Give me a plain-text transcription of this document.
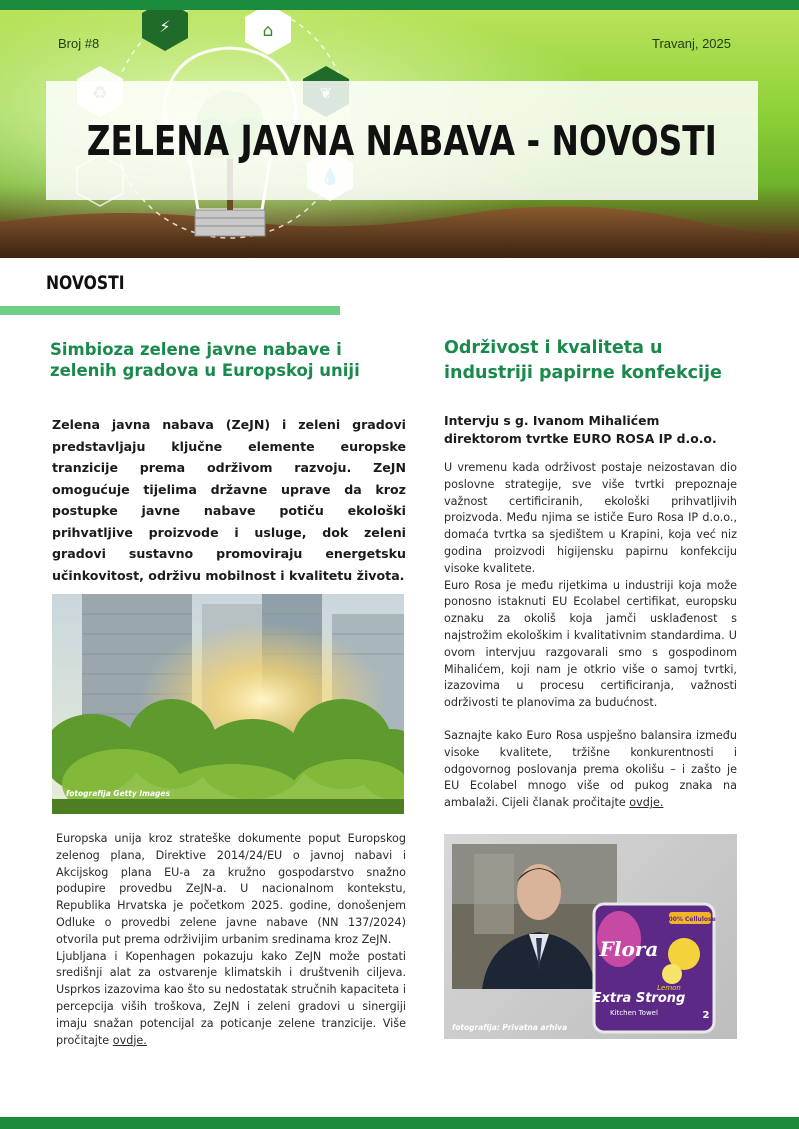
⚡	⌂
Broj #8	Travanj, 2025
ZELENA JAVNA NABAVA - NOVOSTI
NOVOSTI
Simbioza zelene javne nabave i zelenih gradova u Europskoj uniji

Zelena javna nabava (ZeJN) i zeleni gradovi predstavljaju ključne elemente europske tranzicije prema održivom razvoju. ZeJN omogućuje tijelima državne uprave da kroz postupke javne nabave potiču ekološki prihvatljive proizvode i usluge, dok zeleni gradovi sustavno promoviraju energetsku učinkovitost, održivu mobilnost i kvalitetu života.

fotografija Getty Images

Europska unija kroz strateške dokumente poput Europskog zelenog plana, Direktive 2014/24/EU o javnoj nabavi i Akcijskog plana EU-a za kružno gospodarstvo snažno podupire provedbu ZeJN-a. U nacionalnom kontekstu, Republika Hrvatska je početkom 2025. godine, donošenjem Odluke o provedbi zelene javne nabave (NN 137/2024) otvorila put prema održivijim urbanim sredinama kroz ZeJN.

Ljubljana i Kopenhagen pokazuju kako ZeJN može postati središnji alat za ostvarenje klimatskih i društvenih ciljeva. Usprkos izazovima kao što su nedostatak stručnih kapaciteta i percepcija viših troškova, ZeJN i zeleni gradovi u sinergiji imaju snažan potencijal za poticanje zelene tranzicije. Više pročitajte ovdje.

Održivost i kvaliteta u industriji papirne konfekcije

Intervju s g. Ivanom Mihalićem direktorom tvrtke EURO ROSA IP d.o.o.

U vremenu kada održivost postaje neizostavan dio poslovne strategije, sve više tvrtki prepoznaje važnost certificiranih, ekološki prihvatljivih proizvoda. Među njima se ističe Euro Rosa IP d.o.o., domaća tvrtka sa sjedištem u Krapini, koja već niz godina proizvodi higijensku papirnu konfekciju visoke kvalitete.

Euro Rosa je među rijetkima u industriji koja može ponosno istaknuti EU Ecolabel certifikat, europsku oznaku za okoliš koja jamči usklađenost s najstrožim ekološkim i kvalitativnim standardima. U ovom intervjuu razgovarali smo s gospodinom Mihalićem, koji nam je otkrio više o samoj tvrtki, izazovima u procesu certificiranja, važnosti održivosti te planovima za budućnost.

Saznajte kako Euro Rosa uspješno balansira između visoke kvalitete, tržišne konkurentnosti i odgovornog poslovanja prema okolišu – i zašto je EU Ecolabel mnogo više od pukog znaka na ambalaži. Cijeli članak pročitajte ovdje.

100% Cellulose
Flora
Lemon
Extra Strong
Kitchen Towel	2
fotografija: Privatna arhiva
